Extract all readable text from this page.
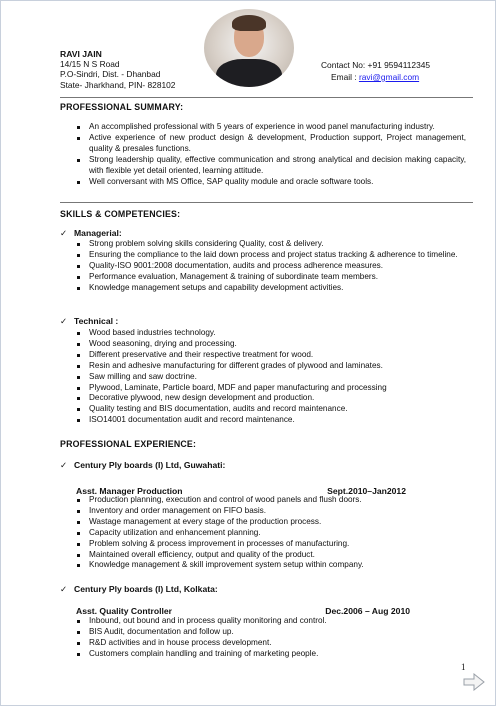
RAVI JAIN
14/15 N S Road
P.O-Sindri, Dist. - Dhanbad
State- Jharkhand, PIN- 828102
Contact No: +91 9594112345
Email : ravi@gmail.com
PROFESSIONAL SUMMARY:
An accomplished professional with 5 years of experience in wood panel manufacturing industry.
Active experience of new product design & development, Production support, Project management, quality & presales functions.
Strong leadership quality, effective communication and strong analytical and decision making capacity, with flexible yet detail oriented, learning attitude.
Well conversant with MS Office, SAP quality module and oracle software tools.
SKILLS & COMPETENCIES:
✓ Managerial:
Strong problem solving skills considering Quality, cost & delivery.
Ensuring the compliance to the laid down process and project status tracking & adherence to timeline.
Quality-ISO 9001:2008 documentation, audits and process adherence measures.
Performance evaluation, Management & training of subordinate team members.
Knowledge management setups and capability development activities.
✓ Technical :
Wood based industries technology.
Wood seasoning, drying and processing.
Different preservative and their respective treatment for wood.
Resin and adhesive manufacturing for different grades of plywood and laminates.
Saw milling and saw doctrine.
Plywood, Laminate, Particle board, MDF and paper manufacturing and processing
Decorative plywood, new design development and production.
Quality testing and BIS documentation, audits and record maintenance.
ISO14001 documentation audit and record maintenance.
PROFESSIONAL EXPERIENCE:
✓ Century Ply boards (I) Ltd, Guwahati:
Asst. Manager Production	Sept.2010–Jan2012
Production planning, execution and control of wood panels and flush doors.
Inventory and order management on FIFO basis.
Wastage management at every stage of the production process.
Capacity utilization and enhancement planning.
Problem solving & process improvement in processes of manufacturing.
Maintained overall efficiency, output and quality of the product.
Knowledge management & skill improvement system setup within company.
✓ Century Ply boards (I) Ltd, Kolkata:
Asst. Quality Controller	Dec.2006 – Aug 2010
Inbound, out bound and in process quality monitoring and control.
BIS Audit, documentation and follow up.
R&D activities and in house process development.
Customers complain handling and training of marketing people.
1
